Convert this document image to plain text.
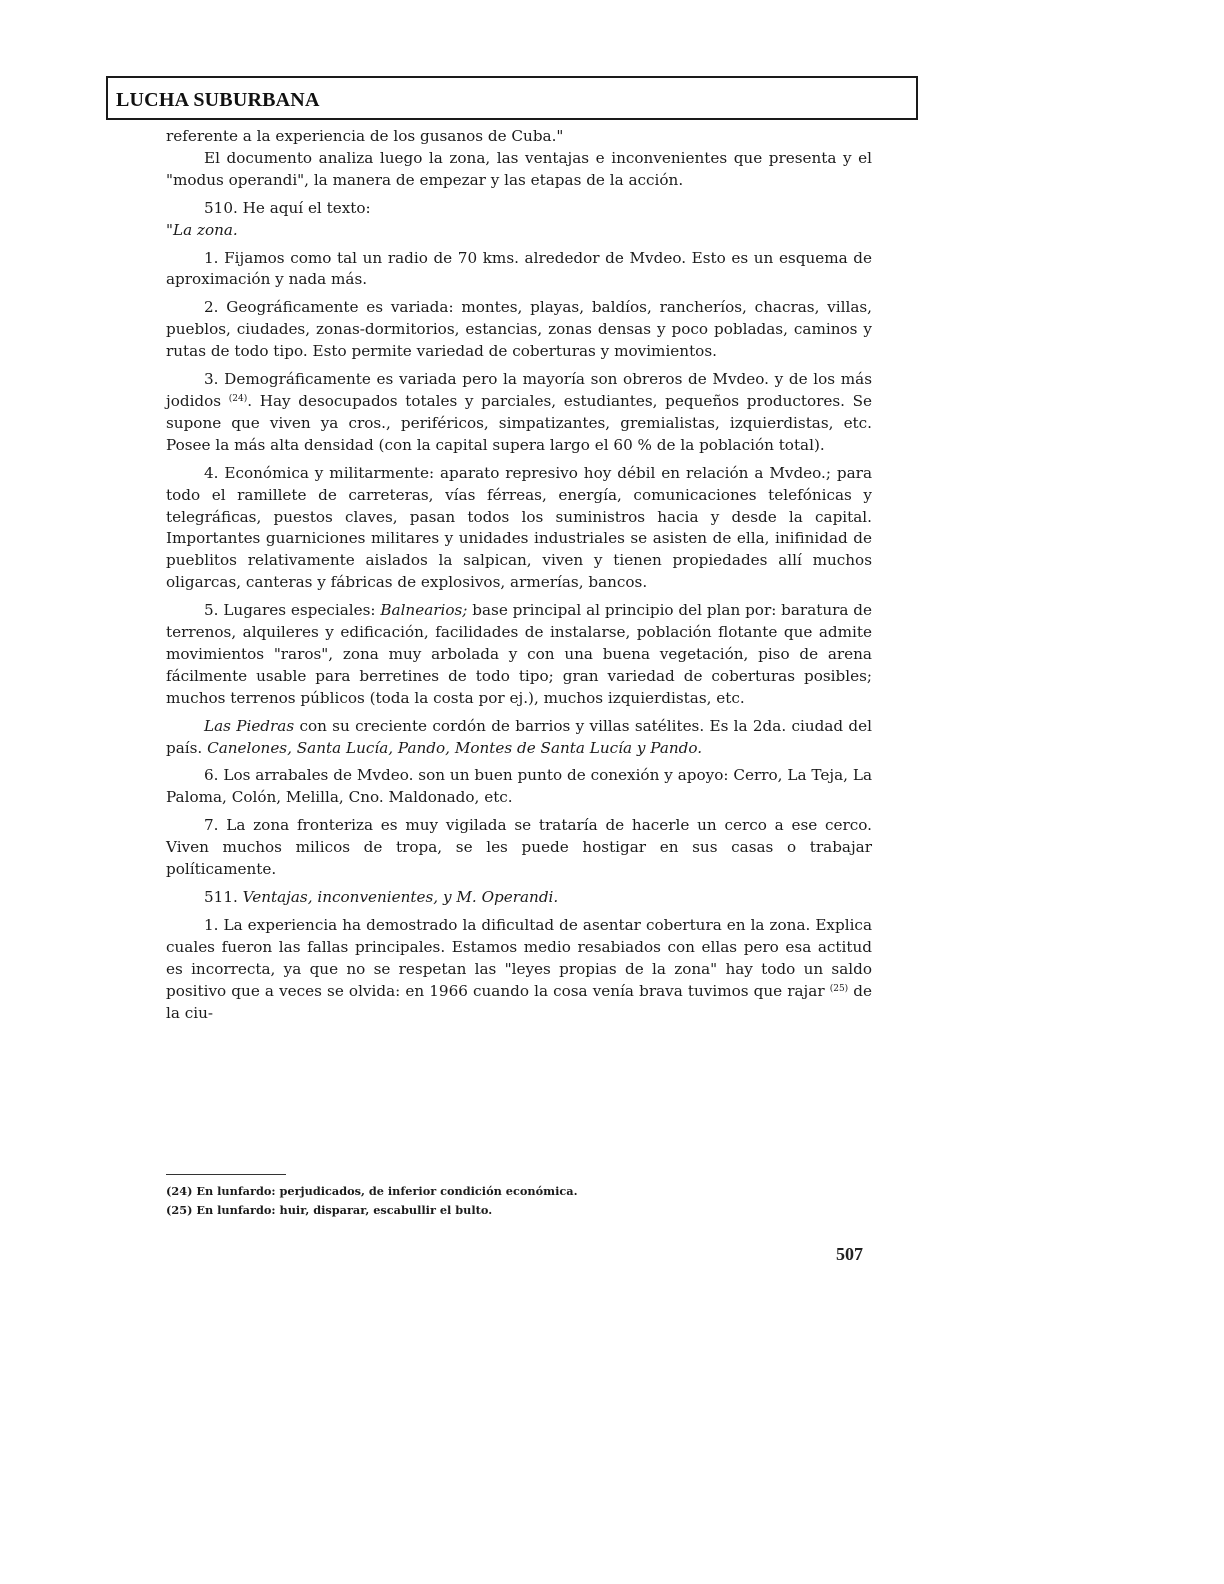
LUCHA SUBURBANA

referente a la experiencia de los gusanos de Cuba."

El documento analiza luego la zona, las ventajas e inconvenientes que presenta y el "modus operandi", la manera de empezar y las etapas de la acción.

510. He aquí el texto:

"La zona.

1. Fijamos como tal un radio de 70 kms. alrededor de Mvdeo. Esto es un esquema de aproximación y nada más.

2. Geográficamente es variada: montes, playas, baldíos, rancheríos, chacras, villas, pueblos, ciudades, zonas-dormitorios, estancias, zonas densas y poco pobladas, caminos y rutas de todo tipo. Esto permite variedad de coberturas y movimientos.

3. Demográficamente es variada pero la mayoría son obreros de Mvdeo. y de los más jodidos $^{(24)}$. Hay desocupados totales y parciales, estudiantes, pequeños productores. Se supone que viven ya cros., periféricos, simpatizantes, gremialistas, izquierdistas, etc. Posee la más alta densidad (con la capital supera largo el 60 % de la población total).

4. Económica y militarmente: aparato represivo hoy débil en relación a Mvdeo.; para todo el ramillete de carreteras, vías férreas, energía, comunicaciones telefónicas y telegráficas, puestos claves, pasan todos los suministros hacia y desde la capital. Importantes guarniciones militares y unidades industriales se asisten de ella, inifinidad de pueblitos relativamente aislados la salpican, viven y tienen propiedades allí muchos oligarcas, canteras y fábricas de explosivos, armerías, bancos.

5. Lugares especiales: Balnearios; base principal al principio del plan por: baratura de terrenos, alquileres y edificación, facilidades de instalarse, población flotante que admite movimientos "raros", zona muy arbolada y con una buena vegetación, piso de arena fácilmente usable para berretines de todo tipo; gran variedad de coberturas posibles; muchos terrenos públicos (toda la costa por ej.), muchos izquierdistas, etc.

Las Piedras con su creciente cordón de barrios y villas satélites. Es la 2da. ciudad del país. Canelones, Santa Lucía, Pando, Montes de Santa Lucía y Pando.

6. Los arrabales de Mvdeo. son un buen punto de conexión y apoyo: Cerro, La Teja, La Paloma, Colón, Melilla, Cno. Maldonado, etc.

7. La zona fronteriza es muy vigilada se trataría de hacerle un cerco a ese cerco. Viven muchos milicos de tropa, se les puede hostigar en sus casas o trabajar políticamente.

511. Ventajas, inconvenientes, y M. Operandi.

1. La experiencia ha demostrado la dificultad de asentar cobertura en la zona. Explica cuales fueron las fallas principales. Estamos medio resabiados con ellas pero esa actitud es incorrecta, ya que no se respetan las "leyes propias de la zona" hay todo un saldo positivo que a veces se olvida: en 1966 cuando la cosa venía brava tuvimos que rajar $^{(25)}$ de la ciu-

(24) En lunfardo: perjudicados, de inferior condición económica.

(25) En lunfardo: huir, disparar, escabullir el bulto.

507
